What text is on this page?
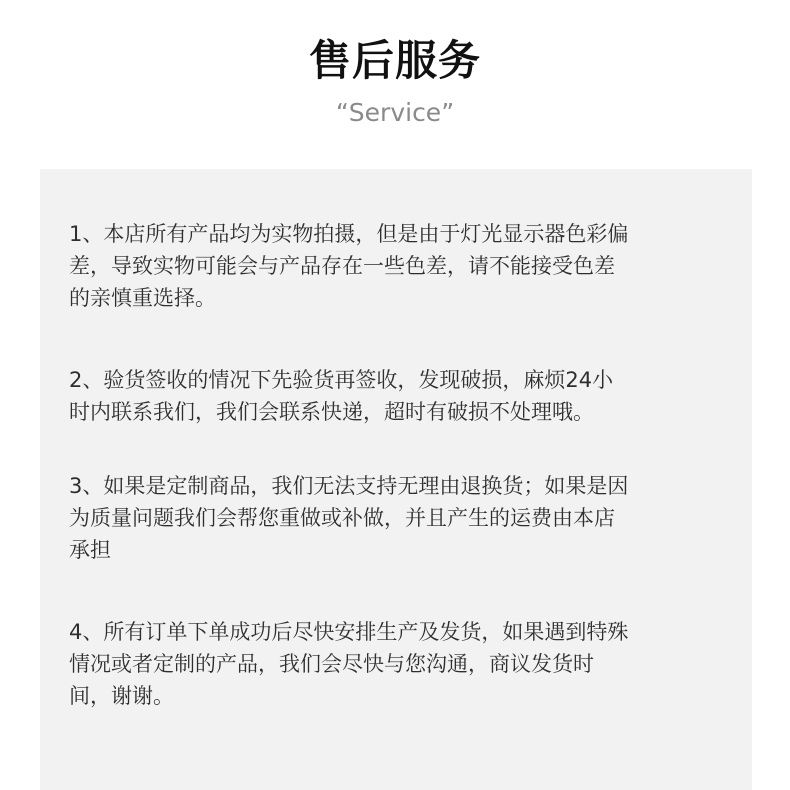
售后服务
“Service”
1、本店所有产品均为实物拍摄，但是由于灯光显示器色彩偏
差，导致实物可能会与产品存在一些色差，请不能接受色差
的亲慎重选择。
2、验货签收的情况下先验货再签收，发现破损，麻烦24小
时内联系我们，我们会联系快递，超时有破损不处理哦。
3、如果是定制商品，我们无法支持无理由退换货；如果是因
为质量问题我们会帮您重做或补做，并且产生的运费由本店
承担
4、所有订单下单成功后尽快安排生产及发货，如果遇到特殊
情况或者定制的产品，我们会尽快与您沟通，商议发货时
间，谢谢。
